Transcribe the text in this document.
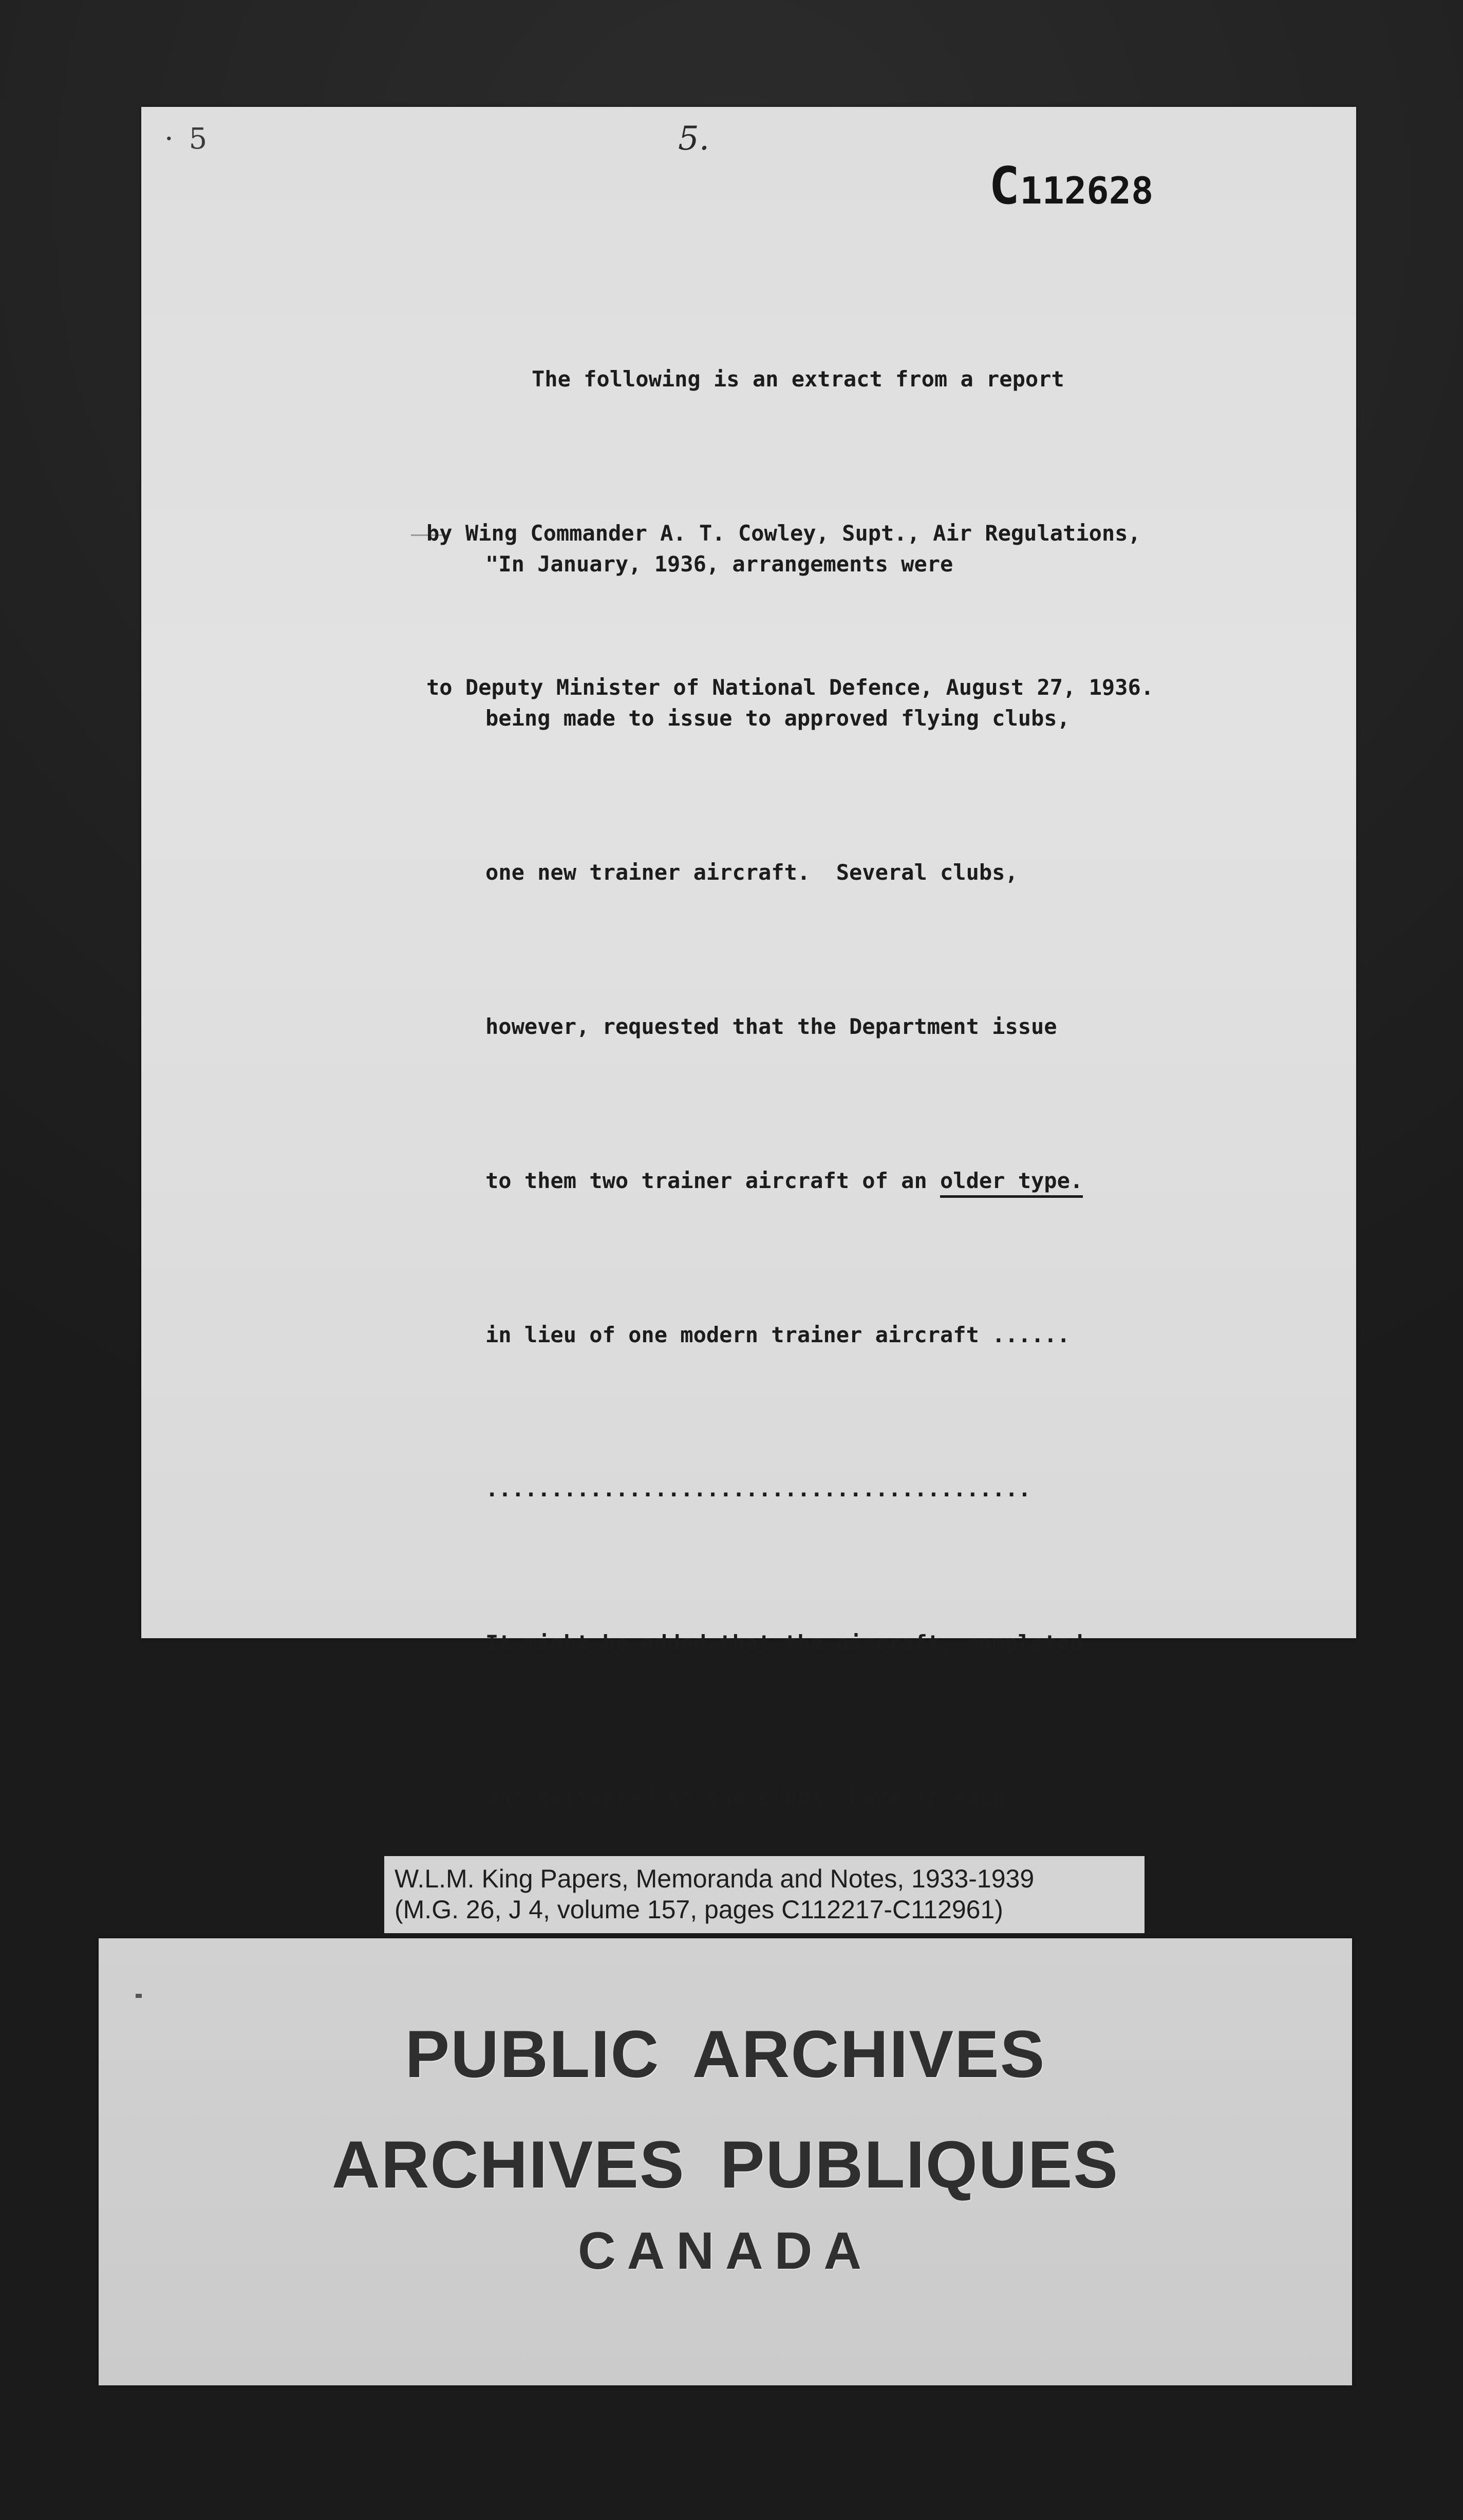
· 5	5.
C112628

The following is an extract from a report

by Wing Commander A. T. Cowley, Supt., Air Regulations,

to Deputy Minister of National Defence, August 27, 1936.

"In January, 1936, arrangements were

being made to issue to approved flying clubs,

one new trainer aircraft.  Several clubs,

however, requested that the Department issue

to them two trainer aircraft of an older type.

in lieu of one modern trainer aircraft ......

..........................................

It might be added that the aircraft, completed

and delivered to the clubs, have in each

W.L.M. King Papers, Memoranda and Notes, 1933-1939
(M.G. 26, J 4, volume 157, pages C112217-C112961)
PUBLIC ARCHIVES
ARCHIVES PUBLIQUES
CANADA
